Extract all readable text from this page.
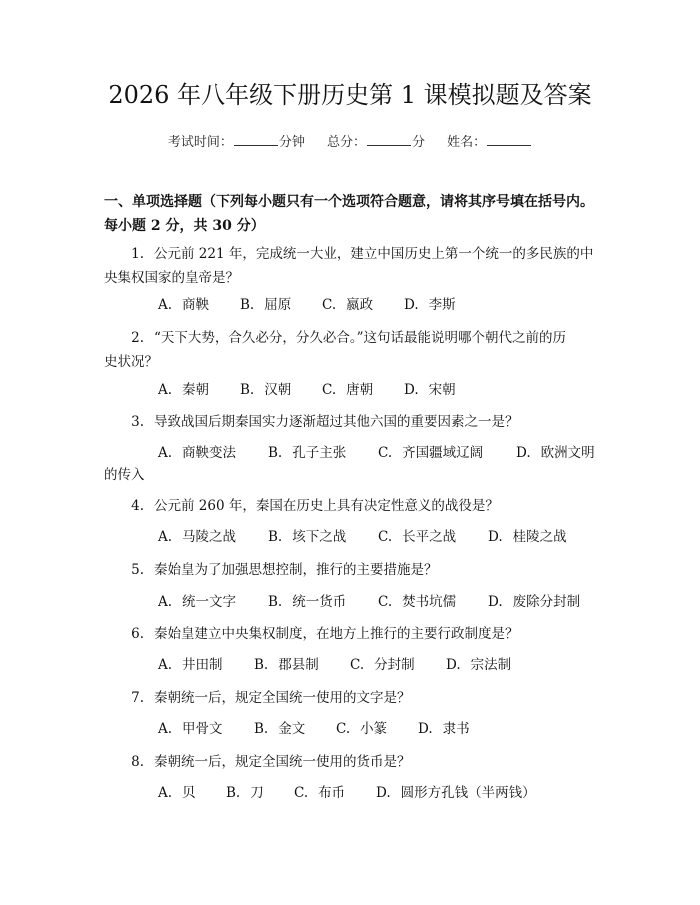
2026 年八年级下册历史第 1 课模拟题及答案
考试时间：	分钟 总分：	分 姓名：
一、单项选择题（下列每小题只有一个选项符合题意，请将其序号填在括号内。
每小题 2 分，共 30 分）
1. 公元前 221 年，完成统一大业，建立中国历史上第一个统一的多民族的中
央集权国家的皇帝是？
A. 商鞅 B. 屈原 C. 嬴政 D. 李斯
2. “天下大势，合久必分，分久必合。”这句话最能说明哪个朝代之前的历
史状况？
A. 秦朝 B. 汉朝 C. 唐朝 D. 宋朝
3. 导致战国后期秦国实力逐渐超过其他六国的重要因素之一是？
A. 商鞅变法 B. 孔子主张 C. 齐国疆域辽阔 D. 欧洲文明
的传入
4. 公元前 260 年，秦国在历史上具有决定性意义的战役是？
A. 马陵之战 B. 垓下之战 C. 长平之战 D. 桂陵之战
5. 秦始皇为了加强思想控制，推行的主要措施是？
A. 统一文字 B. 统一货币 C. 焚书坑儒 D. 废除分封制
6. 秦始皇建立中央集权制度，在地方上推行的主要行政制度是？
A. 井田制 B. 郡县制 C. 分封制 D. 宗法制
7. 秦朝统一后，规定全国统一使用的文字是？
A. 甲骨文 B. 金文 C. 小篆 D. 隶书
8. 秦朝统一后，规定全国统一使用的货币是？
A. 贝 B. 刀 C. 布币 D. 圆形方孔钱（半两钱）
